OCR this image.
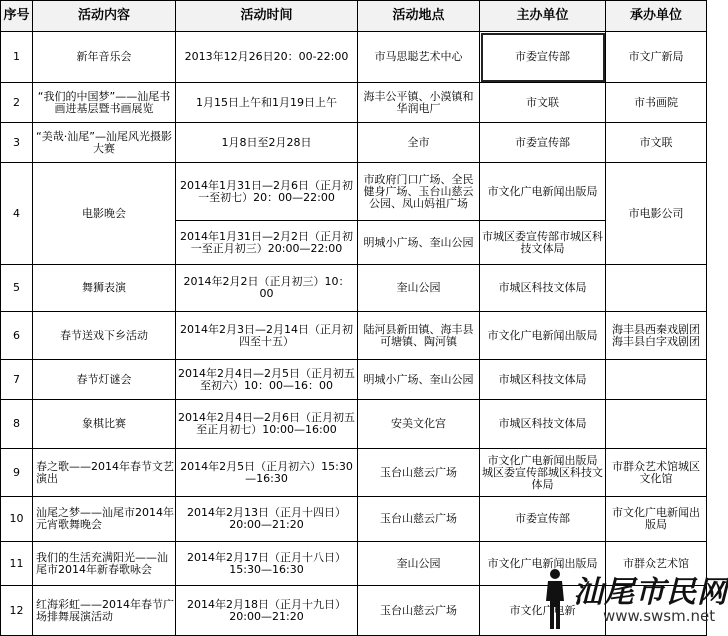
序号	活动内容	活动时间	活动地点	主办单位	承办单位
1	新年音乐会	2013年12月26日20：00-22:00	市马思聪艺术中心	市委宣传部	市文广新局
2	“我们的中国梦”——汕尾书画进基层暨书画展览	1月15日上午和1月19日上午	海丰公平镇、小漠镇和华润电厂	市文联	市书画院
3	“美哉·汕尾”—汕尾风光摄影大赛	1月8日至2月28日	全市	市委宣传部	市文联
4	电影晚会	2014年1月31日—2月6日（正月初一至初七）20：00—22:00	市政府门口广场、全民健身广场、玉台山慈云公园、凤山妈祖广场	市文化广电新闻出版局	市电影公司
		2014年1月31日—2月2日（正月初一至正月初三）20:00—22:00	明城小广场、奎山公园	市城区委宣传部市城区科技文体局	
5	舞狮表演	2014年2月2日（正月初三）10：00	奎山公园	市城区科技文体局	
6	春节送戏下乡活动	2014年2月3日—2月14日（正月初四至十五）	陆河县新田镇、海丰县可塘镇、陶河镇	市文化广电新闻出版局	海丰县西秦戏剧团海丰县白字戏剧团
7	春节灯谜会	2014年2月4日—2月5日（正月初五至初六）10：00—16：00	明城小广场、奎山公园	市城区科技文体局	
8	象棋比赛	2014年2月4日—2月6日（正月初五至正月初七）10:00—16:00	安美文化宫	市城区科技文体局	
9	春之歌——2014年春节文艺演出	2014年2月5日（正月初六）15:30—16:30	玉台山慈云广场	市文化广电新闻出版局 城区委宣传部城区科技文体局	市群众艺术馆城区文化馆
10	汕尾之梦——汕尾市2014年元宵歌舞晚会	2014年2月13日（正月十四日）20:00—21:20	玉台山慈云广场	市委宣传部	市文化广电新闻出版局
11	我们的生活充满阳光——汕尾市2014年新春歌咏会	2014年2月17日（正月十八日）15:30—16:30	奎山公园	市文化广电新闻出版局	市群众艺术馆
12	红海彩虹——2014年春节广场排舞展演活动	2014年2月18日（正月十九日）20:00—21:20	玉台山慈云广场	市文化广电新	
汕尾市民网
www.swsm.net
